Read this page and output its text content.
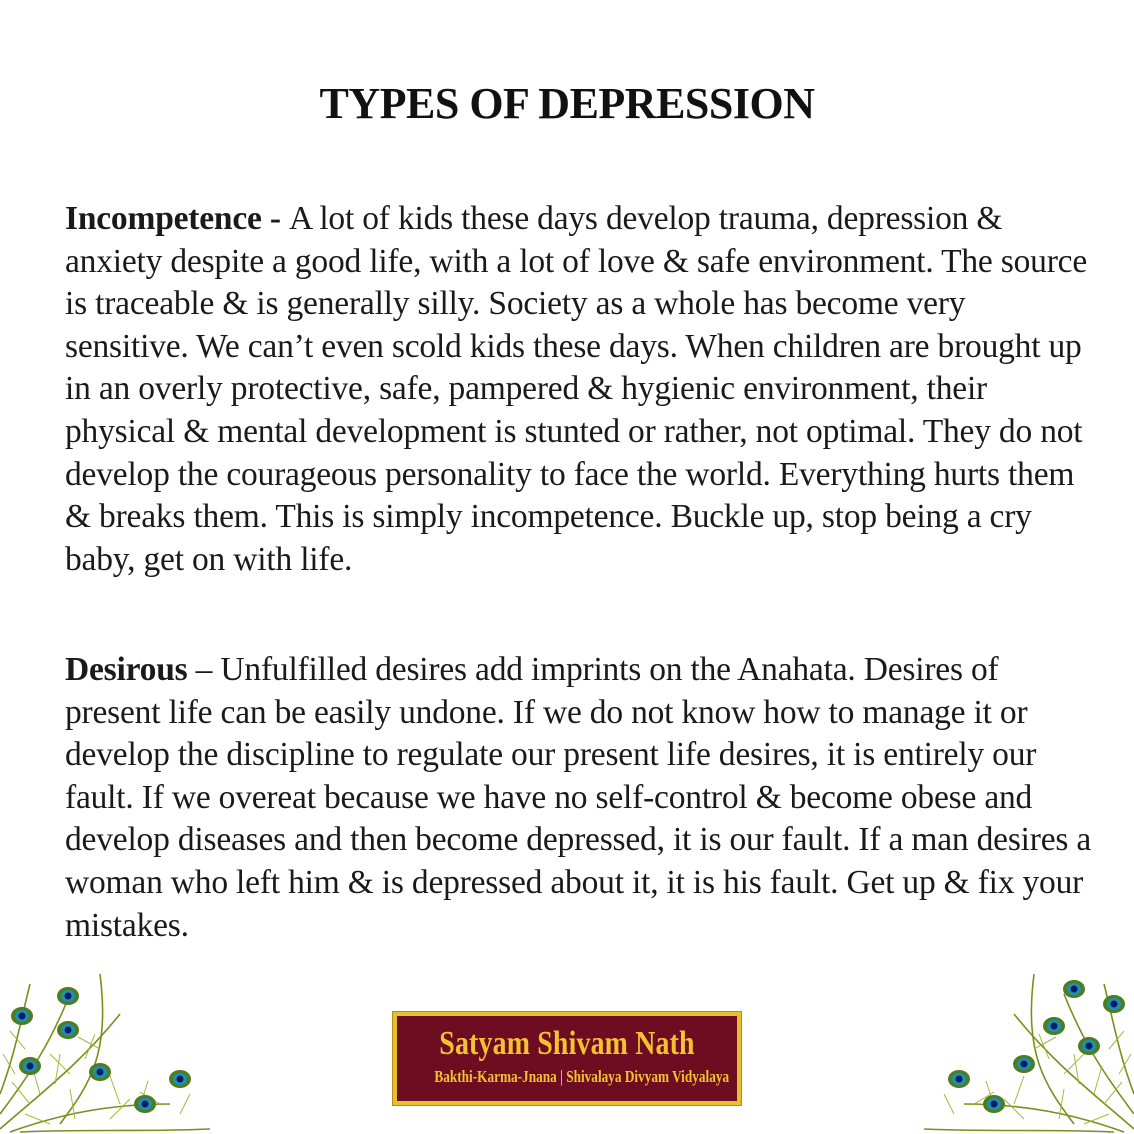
TYPES OF DEPRESSION

Incompetence - A lot of kids these days develop trauma, depression & anxiety despite a good life, with a lot of love & safe environment. The source is traceable & is generally silly. Society as a whole has become very sensitive. We can’t even scold kids these days. When children are brought up in an overly protective, safe, pampered & hygienic environment, their physical & mental development is stunted or rather, not optimal. They do not develop the courageous personality to face the world. Everything hurts them & breaks them. This is simply incompetence. Buckle up, stop being a cry baby, get on with life.

Desirous – Unfulfilled desires add imprints on the Anahata. Desires of present life can be easily undone. If we do not know how to manage it or develop the discipline to regulate our present life desires, it is entirely our fault. If we overeat because we have no self-control & become obese and develop diseases and then become depressed, it is our fault. If a man desires a woman who left him & is depressed about it, it is his fault. Get up & fix your mistakes.

Satyam Shivam Nath
Bakthi-Karma-Jnana | Shivalaya Divyam Vidyalaya
